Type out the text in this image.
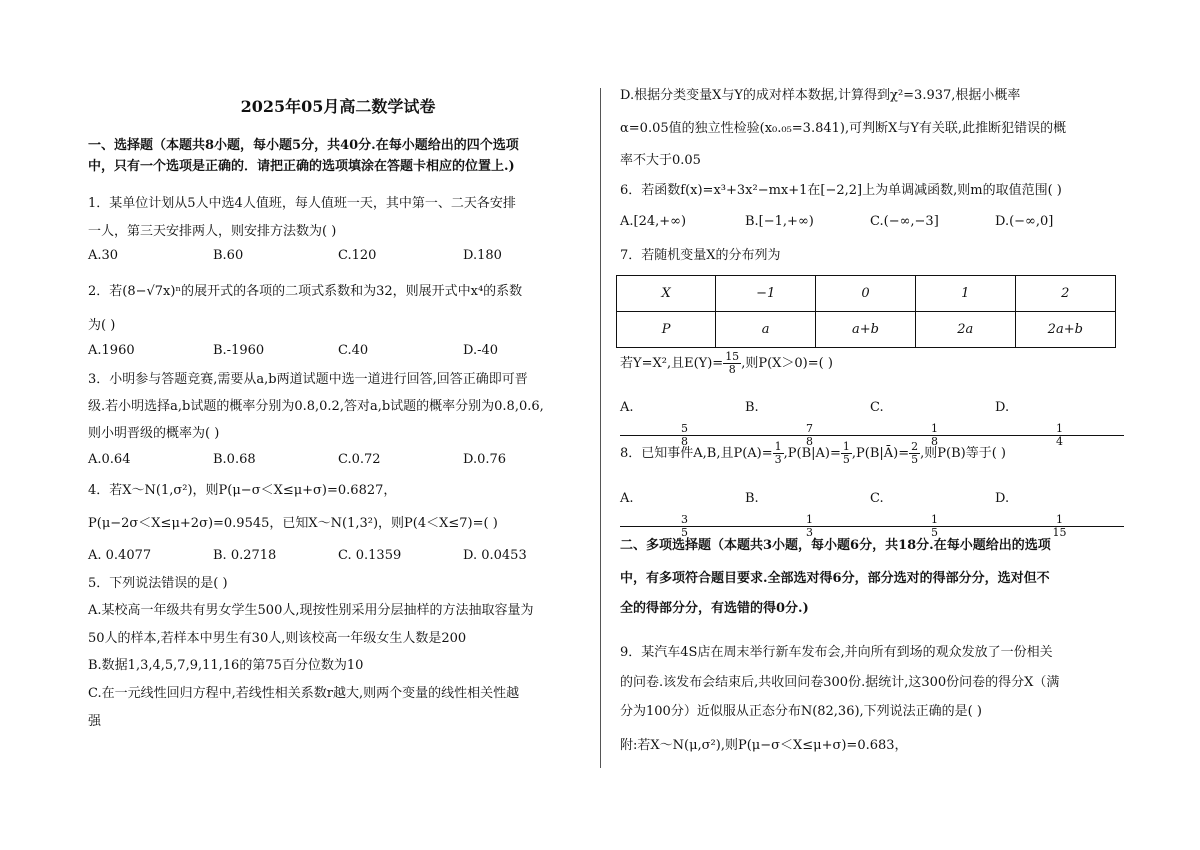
2025年05月高二数学试卷
一、选择题（本题共8小题，每小题5分，共40分.在每小题给出的四个选项
中，只有一个选项是正确的．请把正确的选项填涂在答题卡相应的位置上.)
1．某单位计划从5人中选4人值班，每人值班一天，其中第一、二天各安排
一人，第三天安排两人，则安排方法数为( )
A.30	B.60	C.120	D.180
2．若(8−√7x)ⁿ的展开式的各项的二项式系数和为32，则展开式中x⁴的系数
为( )
A.1960	B.-1960	C.40	D.-40
3．小明参与答题竞赛,需要从a,b两道试题中选一道进行回答,回答正确即可晋
级.若小明选择a,b试题的概率分别为0.8,0.2,答对a,b试题的概率分别为0.8,0.6,
则小明晋级的概率为( )
A.0.64	B.0.68	C.0.72	D.0.76
4．若X～N(1,σ²)，则P(μ−σ＜X≤μ+σ)=0.6827，
P(μ−2σ＜X≤μ+2σ)=0.9545，已知X～N(1,3²)，则P(4＜X≤7)=( )
A. 0.4077	B. 0.2718	C. 0.1359	D. 0.0453
5．下列说法错误的是( )
A.某校高一年级共有男女学生500人,现按性别采用分层抽样的方法抽取容量为
50人的样本,若样本中男生有30人,则该校高一年级女生人数是200
B.数据1,3,4,5,7,9,11,16的第75百分位数为10
C.在一元线性回归方程中,若线性相关系数r越大,则两个变量的线性相关性越
强
D.根据分类变量X与Y的成对样本数据,计算得到χ²=3.937,根据小概率
α=0.05值的独立性检验(x₀.₀₅=3.841),可判断X与Y有关联,此推断犯错误的概
率不大于0.05
6．若函数f(x)=x³+3x²−mx+1在[−2,2]上为单调减函数,则m的取值范围( )
A.[24,+∞)	B.[−1,+∞)	C.(−∞,−3]	D.(−∞,0]
7．若随机变量X的分布列为
X	−1	0	1	2
P	a	a+b	2a	2a+b
若Y=X²,且$E(Y)= \frac{15}{8}$ ,则P(X＞0)=( )
A.
$\frac{5}{8}$
B.
$\frac{7}{8}$
C.
$\frac{1}{8}$
D.
$\frac{1}{4}$
8．已知事件A,B,且$P(A)= \frac{1}{3} ,P(B|A)= \frac{1}{5}$ ,P(B|Ā)= $\frac{2}{5}$ ,则P(B)等于( )
A.
$\frac{3}{5}$
B.
$\frac{1}{3}$
C.
$\frac{1}{5}$
D.
$\frac{1}{15}$
二、多项选择题（本题共3小题，每小题6分，共18分.在每小题给出的选项
中，有多项符合题目要求.全部选对得6分，部分选对的得部分分，选对但不
全的得部分分，有选错的得0分.)
9．某汽车4S店在周末举行新车发布会,并向所有到场的观众发放了一份相关
的问卷.该发布会结束后,共收回问卷300份.据统计,这300份问卷的得分X（满
分为100分）近似服从正态分布N(82,36),下列说法正确的是( )
附:若X～N(μ,σ²),则P(μ−σ＜X≤μ+σ)=0.683，
